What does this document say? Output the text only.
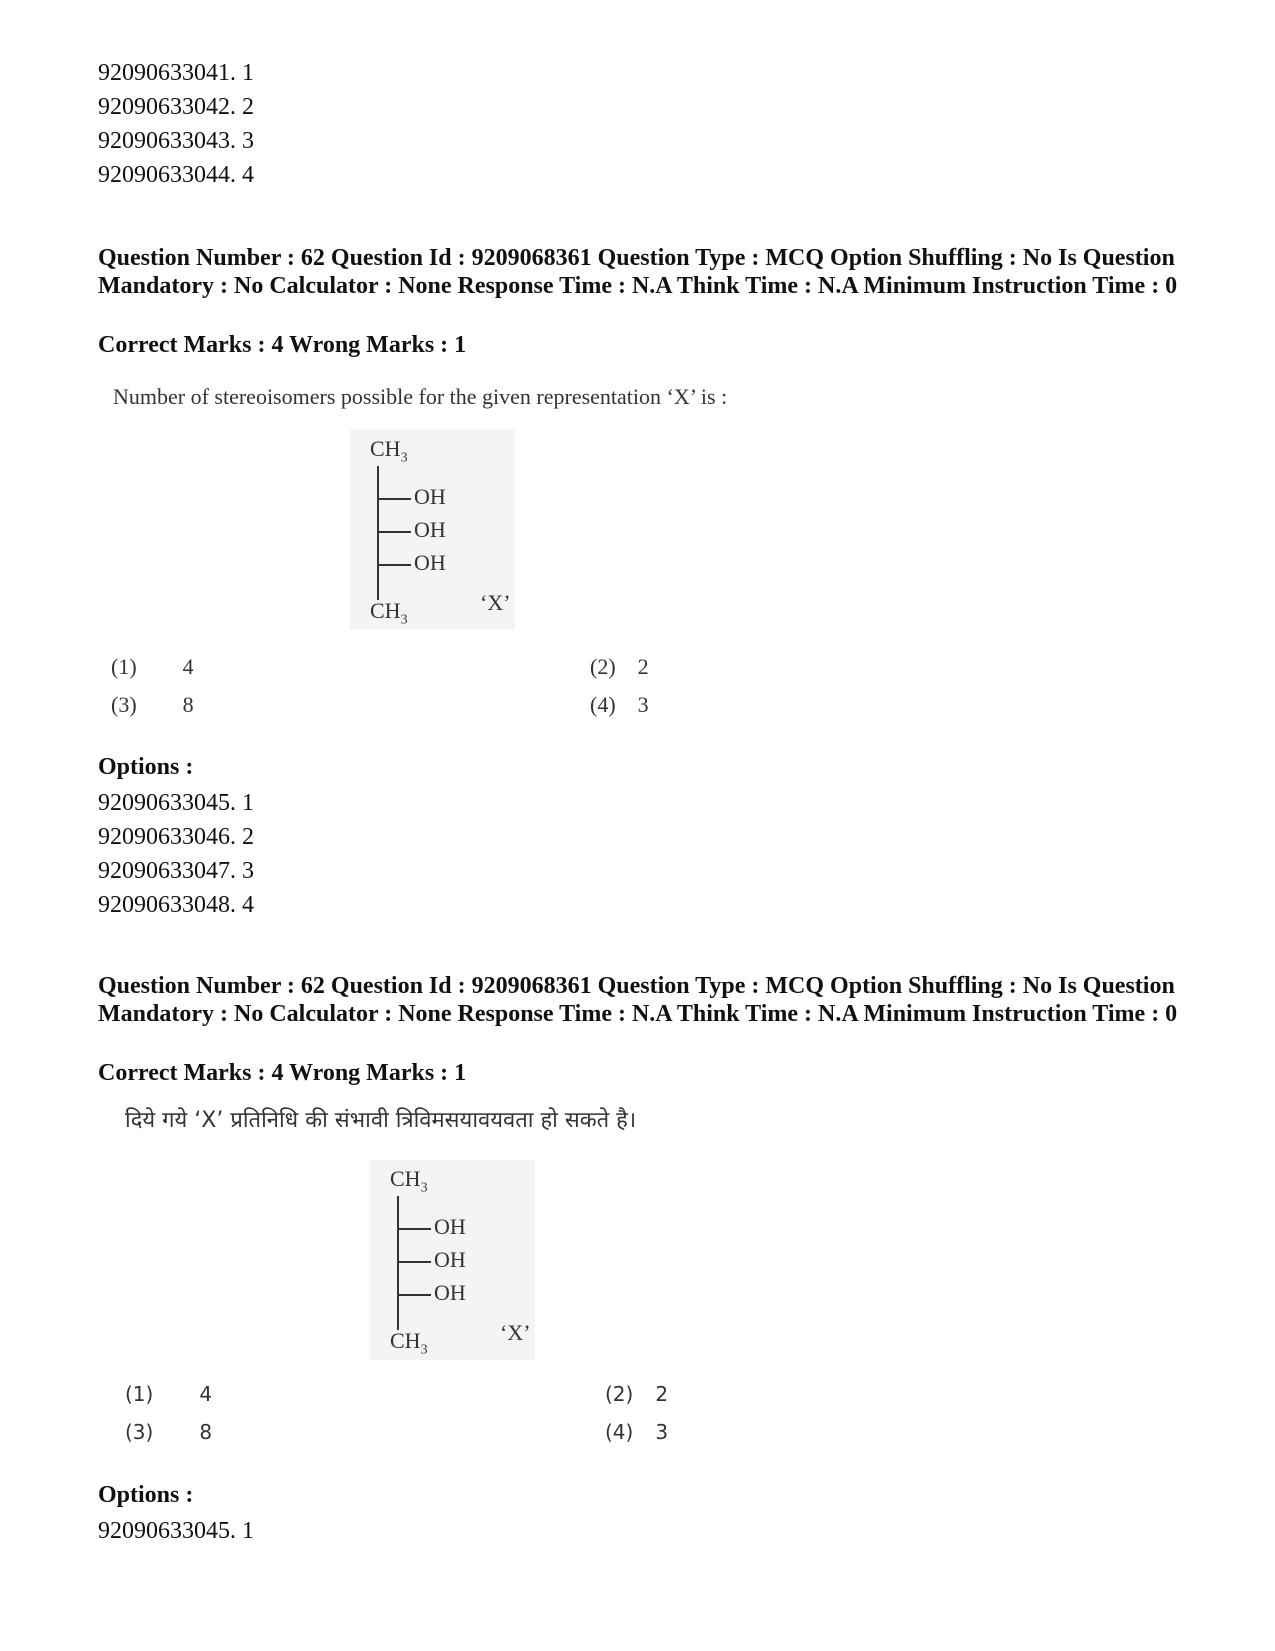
92090633041. 1
92090633042. 2
92090633043. 3
92090633044. 4
Question Number : 62 Question Id : 9209068361 Question Type : MCQ Option Shuffling : No Is Question Mandatory : No Calculator : None Response Time : N.A Think Time : N.A Minimum Instruction Time : 0
Correct Marks : 4 Wrong Marks : 1
Number of stereoisomers possible for the given representation ‘X’ is :
$CH_3$
OH
OH
OH
$CH_3$
‘X’
(1) 4	(2) 2
(3) 8	(4) 3
Options :
92090633045. 1
92090633046. 2
92090633047. 3
92090633048. 4
Question Number : 62 Question Id : 9209068361 Question Type : MCQ Option Shuffling : No Is Question Mandatory : No Calculator : None Response Time : N.A Think Time : N.A Minimum Instruction Time : 0
Correct Marks : 4 Wrong Marks : 1
दिये गये ‘X’ प्रतिनिधि की संभावी त्रिविमसयावयवता हो सकते है।
$CH_3$
OH
OH
OH
$CH_3$
‘X’
(1) 4	(2) 2
(3) 8	(4) 3
Options :
92090633045. 1
